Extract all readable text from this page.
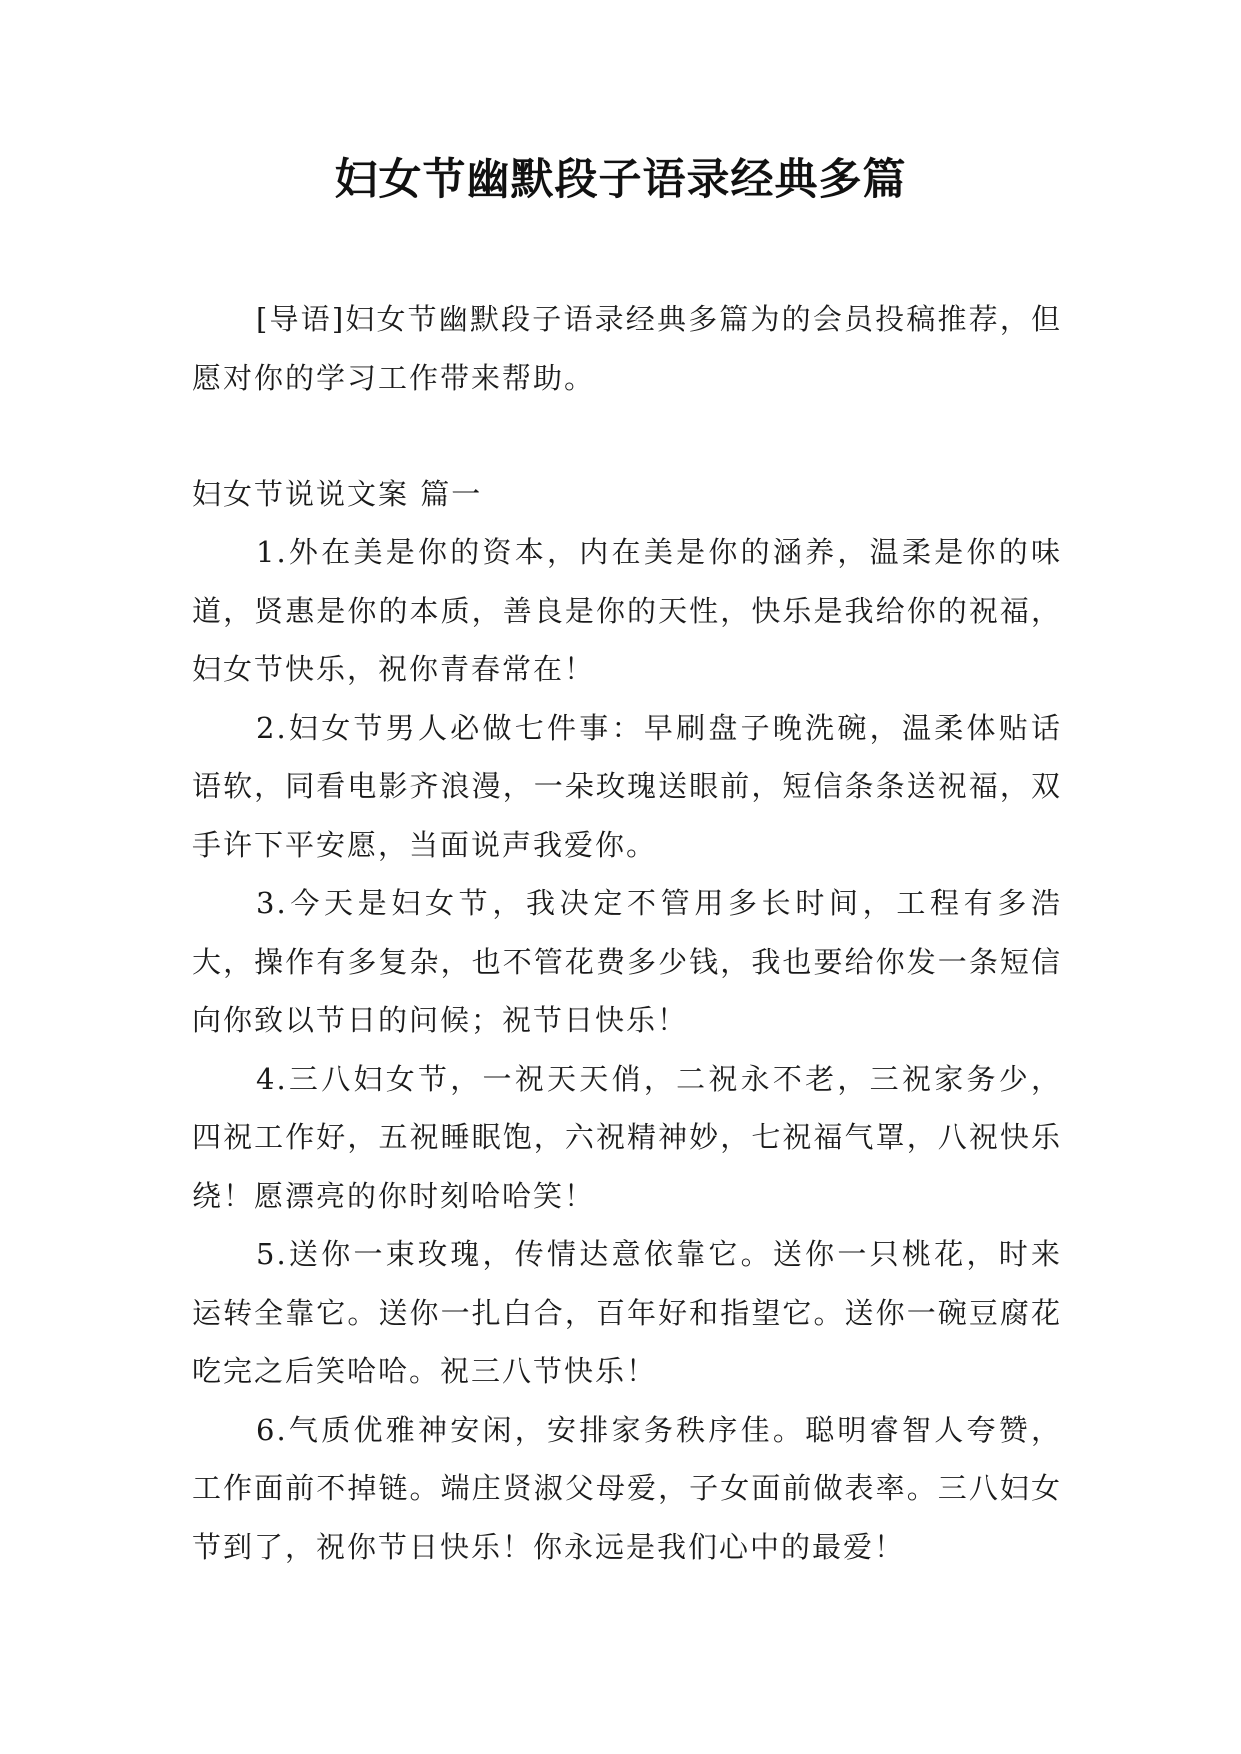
妇女节幽默段子语录经典多篇
[导语]妇女节幽默段子语录经典多篇为的会员投稿推荐，但愿对你的学习工作带来帮助。
妇女节说说文案 篇一

1.外在美是你的资本，内在美是你的涵养，温柔是你的味道，贤惠是你的本质，善良是你的天性，快乐是我给你的祝福，妇女节快乐，祝你青春常在！

2.妇女节男人必做七件事：早刷盘子晚洗碗，温柔体贴话语软，同看电影齐浪漫，一朵玫瑰送眼前，短信条条送祝福，双手许下平安愿，当面说声我爱你。

3.今天是妇女节，我决定不管用多长时间，工程有多浩大，操作有多复杂，也不管花费多少钱，我也要给你发一条短信向你致以节日的问候；祝节日快乐！

4.三八妇女节，一祝天天俏，二祝永不老，三祝家务少，四祝工作好，五祝睡眠饱，六祝精神妙，七祝福气罩，八祝快乐绕！愿漂亮的你时刻哈哈笑！

5.送你一束玫瑰，传情达意依靠它。送你一只桃花，时来运转全靠它。送你一扎白合，百年好和指望它。送你一碗豆腐花吃完之后笑哈哈。祝三八节快乐！

6.气质优雅神安闲，安排家务秩序佳。聪明睿智人夸赞，工作面前不掉链。端庄贤淑父母爱，子女面前做表率。三八妇女节到了，祝你节日快乐！你永远是我们心中的最爱！
